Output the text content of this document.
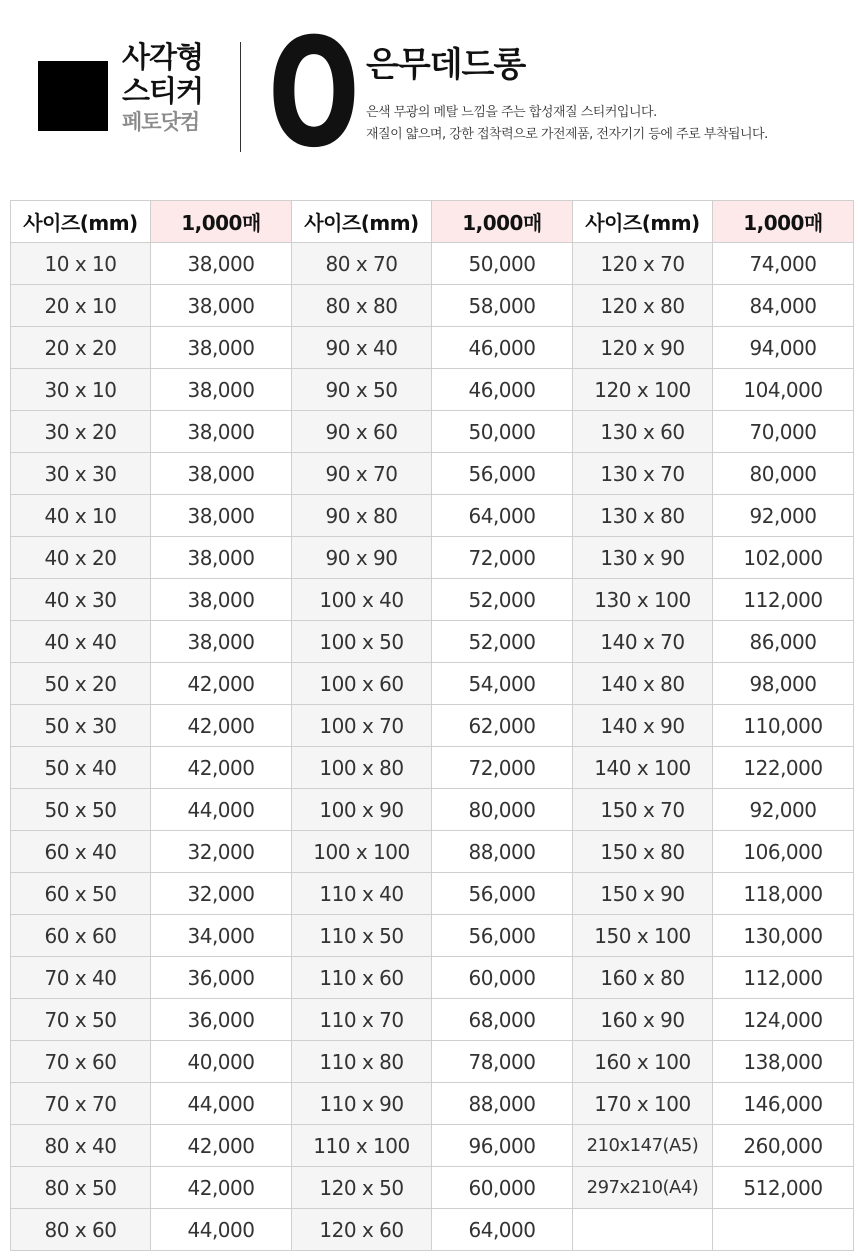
사각형
스티커
페토닷컴 O 은무데드롱
은색 무광의 메탈 느낌을 주는 합성재질 스티커입니다.
재질이 얇으며, 강한 접착력으로 가전제품, 전자기기 등에 주로 부착됩니다.
사이즈(mm)	1,000매	사이즈(mm)	1,000매	사이즈(mm)	1,000매
10 x 10	38,000	80 x 70	50,000	120 x 70	74,000
20 x 10	38,000	80 x 80	58,000	120 x 80	84,000
20 x 20	38,000	90 x 40	46,000	120 x 90	94,000
30 x 10	38,000	90 x 50	46,000	120 x 100	104,000
30 x 20	38,000	90 x 60	50,000	130 x 60	70,000
30 x 30	38,000	90 x 70	56,000	130 x 70	80,000
40 x 10	38,000	90 x 80	64,000	130 x 80	92,000
40 x 20	38,000	90 x 90	72,000	130 x 90	102,000
40 x 30	38,000	100 x 40	52,000	130 x 100	112,000
40 x 40	38,000	100 x 50	52,000	140 x 70	86,000
50 x 20	42,000	100 x 60	54,000	140 x 80	98,000
50 x 30	42,000	100 x 70	62,000	140 x 90	110,000
50 x 40	42,000	100 x 80	72,000	140 x 100	122,000
50 x 50	44,000	100 x 90	80,000	150 x 70	92,000
60 x 40	32,000	100 x 100	88,000	150 x 80	106,000
60 x 50	32,000	110 x 40	56,000	150 x 90	118,000
60 x 60	34,000	110 x 50	56,000	150 x 100	130,000
70 x 40	36,000	110 x 60	60,000	160 x 80	112,000
70 x 50	36,000	110 x 70	68,000	160 x 90	124,000
70 x 60	40,000	110 x 80	78,000	160 x 100	138,000
70 x 70	44,000	110 x 90	88,000	170 x 100	146,000
80 x 40	42,000	110 x 100	96,000	210x147(A5)	260,000
80 x 50	42,000	120 x 50	60,000	297x210(A4)	512,000
80 x 60	44,000	120 x 60	64,000		
